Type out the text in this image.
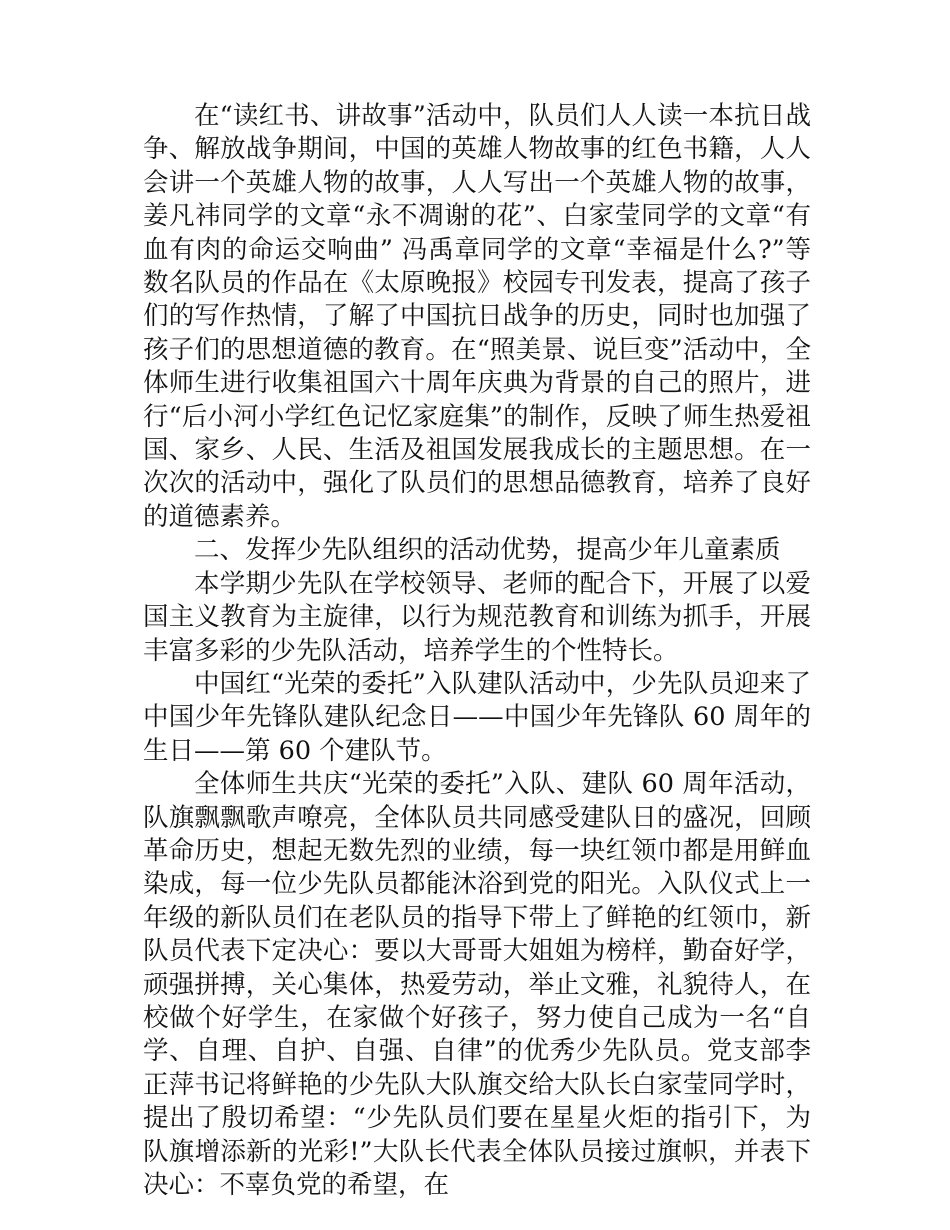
在“读红书、讲故事”活动中，队员们人人读一本抗日战争、解放战争期间，中国的英雄人物故事的红色书籍，人人会讲一个英雄人物的故事，人人写出一个英雄人物的故事，姜凡祎同学的文章“永不凋谢的花”、白家莹同学的文章“有血有肉的命运交响曲” 冯禹章同学的文章“幸福是什么?”等数名队员的作品在《太原晚报》校园专刊发表，提高了孩子们的写作热情，了解了中国抗日战争的历史，同时也加强了孩子们的思想道德的教育。在“照美景、说巨变”活动中，全体师生进行收集祖国六十周年庆典为背景的自己的照片，进行“后小河小学红色记忆家庭集”的制作，反映了师生热爱祖国、家乡、人民、生活及祖国发展我成长的主题思想。在一次次的活动中，强化了队员们的思想品德教育，培养了良好的道德素养。

二、发挥少先队组织的活动优势，提高少年儿童素质

本学期少先队在学校领导、老师的配合下，开展了以爱国主义教育为主旋律，以行为规范教育和训练为抓手，开展丰富多彩的少先队活动，培养学生的个性特长。

中国红“光荣的委托”入队建队活动中，少先队员迎来了中国少年先锋队建队纪念日——中国少年先锋队 60 周年的生日——第 60 个建队节。

全体师生共庆“光荣的委托”入队、建队 60 周年活动，队旗飘飘歌声嘹亮，全体队员共同感受建队日的盛况，回顾革命历史，想起无数先烈的业绩，每一块红领巾都是用鲜血染成，每一位少先队员都能沐浴到党的阳光。入队仪式上一年级的新队员们在老队员的指导下带上了鲜艳的红领巾，新队员代表下定决心：要以大哥哥大姐姐为榜样，勤奋好学，顽强拼搏，关心集体，热爱劳动，举止文雅，礼貌待人，在校做个好学生，在家做个好孩子，努力使自己成为一名“自学、自理、自护、自强、自律”的优秀少先队员。党支部李正萍书记将鲜艳的少先队大队旗交给大队长白家莹同学时，提出了殷切希望：“少先队员们要在星星火炬的指引下，为队旗增添新的光彩!”大队长代表全体队员接过旗帜，并表下决心：不辜负党的希望，在
